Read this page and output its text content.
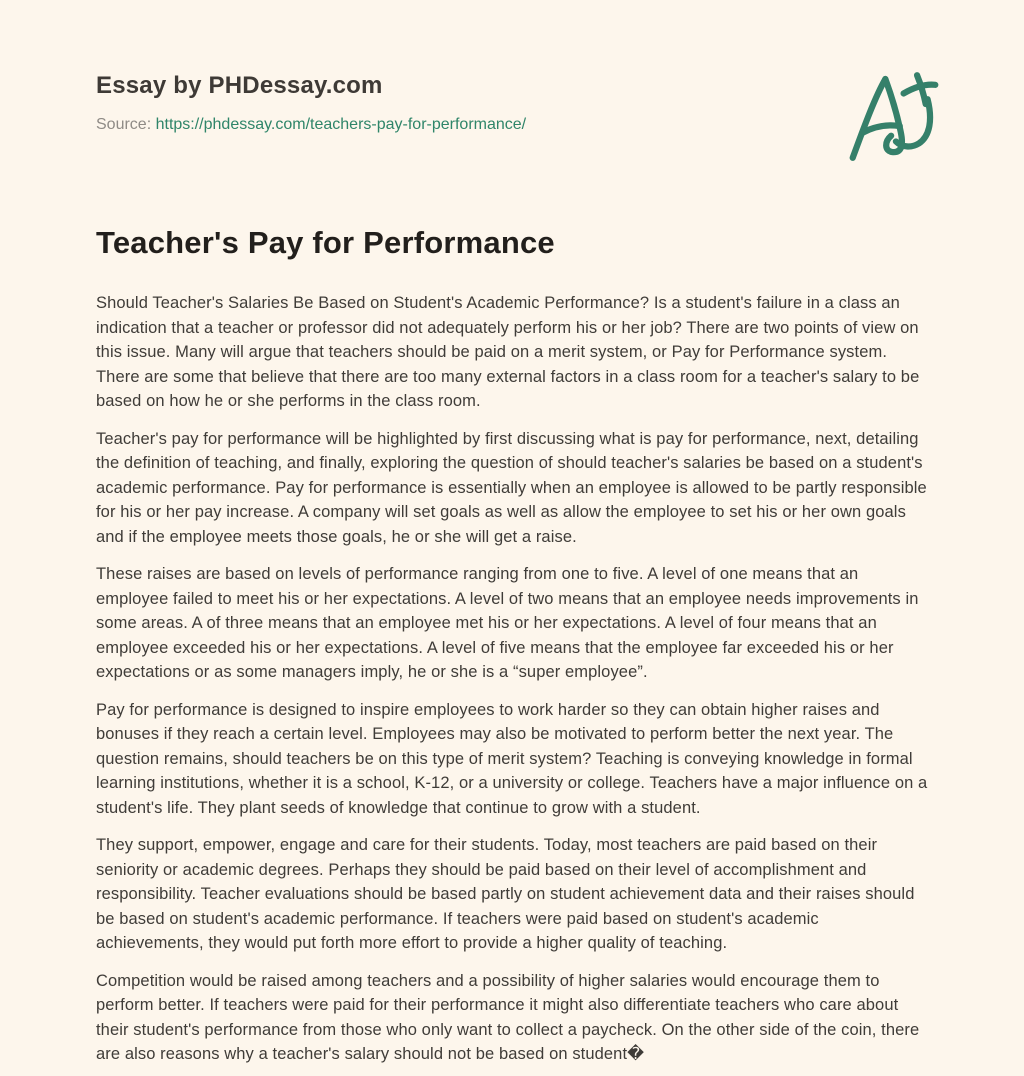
Essay by PHDessay.com
Source: https://phdessay.com/teachers-pay-for-performance/
Teacher's Pay for Performance

Should Teacher's Salaries Be Based on Student's Academic Performance? Is a student's failure in a class an indication that a teacher or professor did not adequately perform his or her job? There are two points of view on this issue. Many will argue that teachers should be paid on a merit system, or Pay for Performance system. There are some that believe that there are too many external factors in a class room for a teacher's salary to be based on how he or she performs in the class room.

Teacher's pay for performance will be highlighted by first discussing what is pay for performance, next, detailing the definition of teaching, and finally, exploring the question of should teacher's salaries be based on a student's academic performance. Pay for performance is essentially when an employee is allowed to be partly responsible for his or her pay increase. A company will set goals as well as allow the employee to set his or her own goals and if the employee meets those goals, he or she will get a raise.

These raises are based on levels of performance ranging from one to five. A level of one means that an employee failed to meet his or her expectations. A level of two means that an employee needs improvements in some areas. A of three means that an employee met his or her expectations. A level of four means that an employee exceeded his or her expectations. A level of five means that the employee far exceeded his or her expectations or as some managers imply, he or she is a “super employee”.

Pay for performance is designed to inspire employees to work harder so they can obtain higher raises and bonuses if they reach a certain level. Employees may also be motivated to perform better the next year. The question remains, should teachers be on this type of merit system? Teaching is conveying knowledge in formal learning institutions, whether it is a school, K-12, or a university or college. Teachers have a major influence on a student's life. They plant seeds of knowledge that continue to grow with a student.

They support, empower, engage and care for their students. Today, most teachers are paid based on their seniority or academic degrees. Perhaps they should be paid based on their level of accomplishment and responsibility. Teacher evaluations should be based partly on student achievement data and their raises should be based on student's academic performance. If teachers were paid based on student's academic achievements, they would put forth more effort to provide a higher quality of teaching.

Competition would be raised among teachers and a possibility of higher salaries would encourage them to perform better. If teachers were paid for their performance it might also differentiate teachers who care about their student's performance from those who only want to collect a paycheck. On the other side of the coin, there are also reasons why a teacher's salary should not be based on student�
